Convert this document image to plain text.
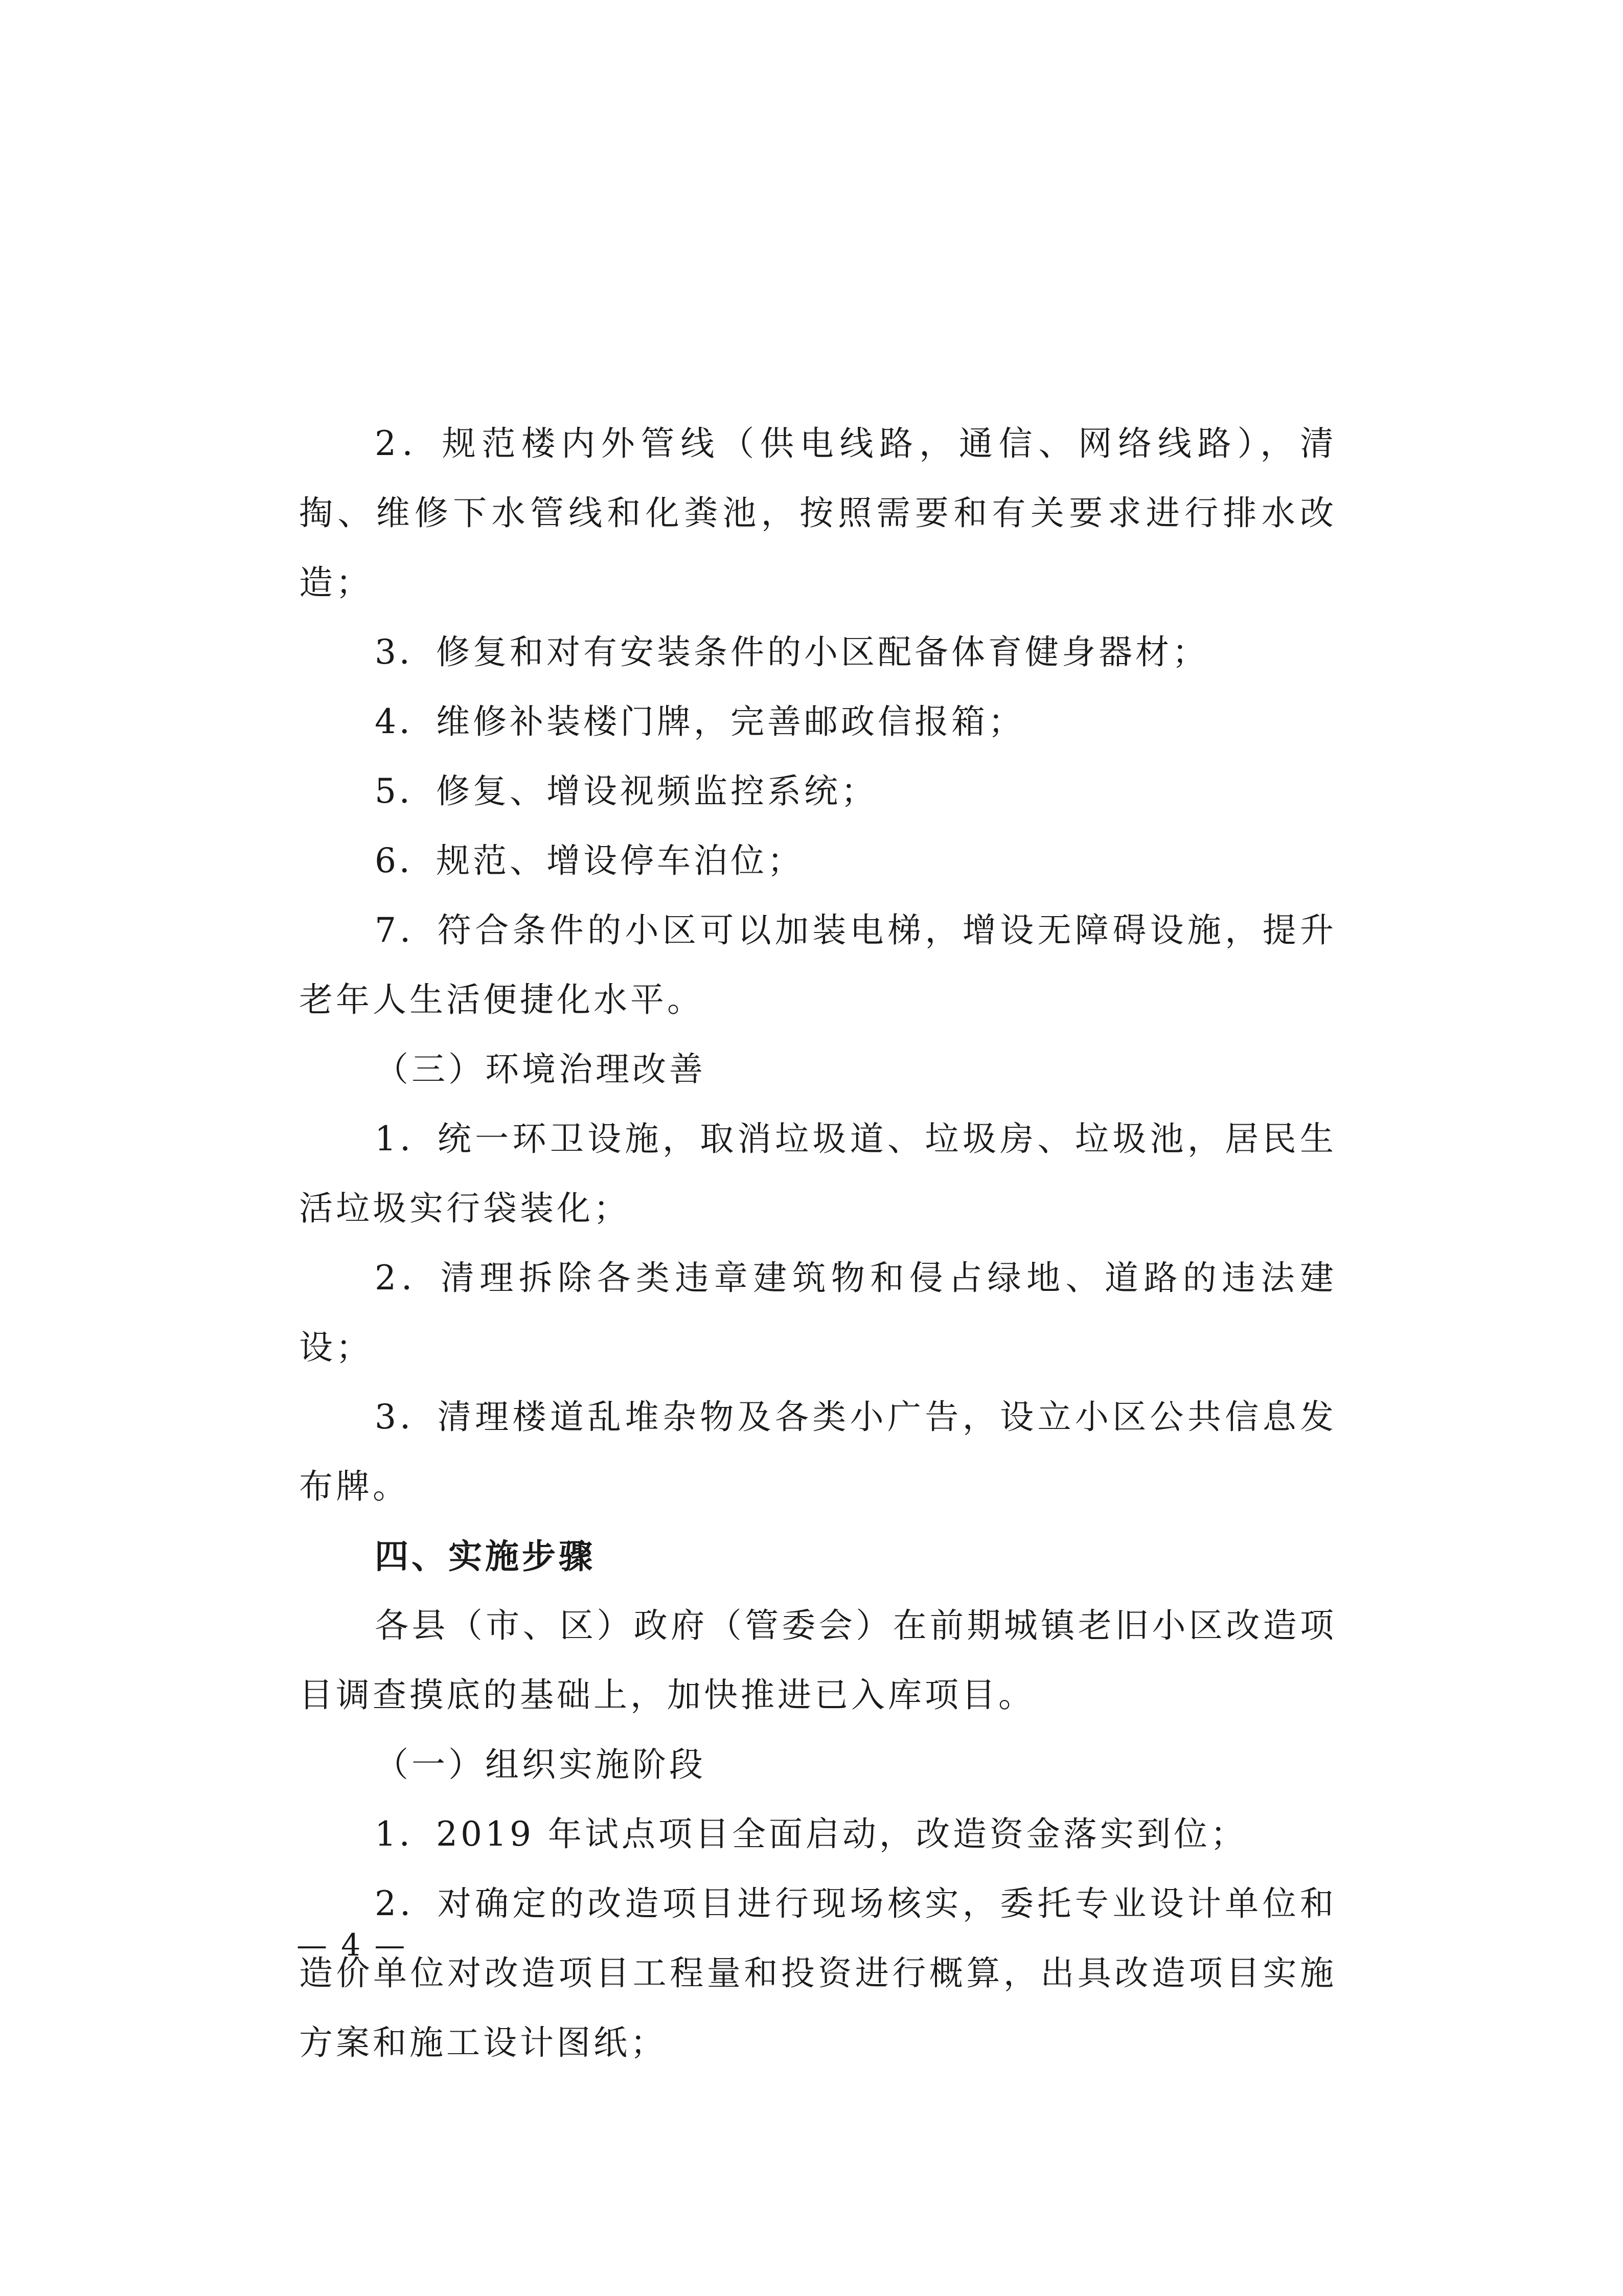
2．规范楼内外管线（供电线路，通信、网络线路），清掏、维修下水管线和化粪池，按照需要和有关要求进行排水改造；

3．修复和对有安装条件的小区配备体育健身器材；

4．维修补装楼门牌，完善邮政信报箱；

5．修复、增设视频监控系统；

6．规范、增设停车泊位；

7．符合条件的小区可以加装电梯，增设无障碍设施，提升老年人生活便捷化水平。

（三）环境治理改善

1．统一环卫设施，取消垃圾道、垃圾房、垃圾池，居民生活垃圾实行袋装化；

2．清理拆除各类违章建筑物和侵占绿地、道路的违法建设；

3．清理楼道乱堆杂物及各类小广告，设立小区公共信息发布牌。

四、实施步骤

各县（市、区）政府（管委会）在前期城镇老旧小区改造项目调查摸底的基础上，加快推进已入库项目。

（一）组织实施阶段

1．2019 年试点项目全面启动，改造资金落实到位；

2．对确定的改造项目进行现场核实，委托专业设计单位和造价单位对改造项目工程量和投资进行概算，出具改造项目实施方案和施工设计图纸；

— 4 —
